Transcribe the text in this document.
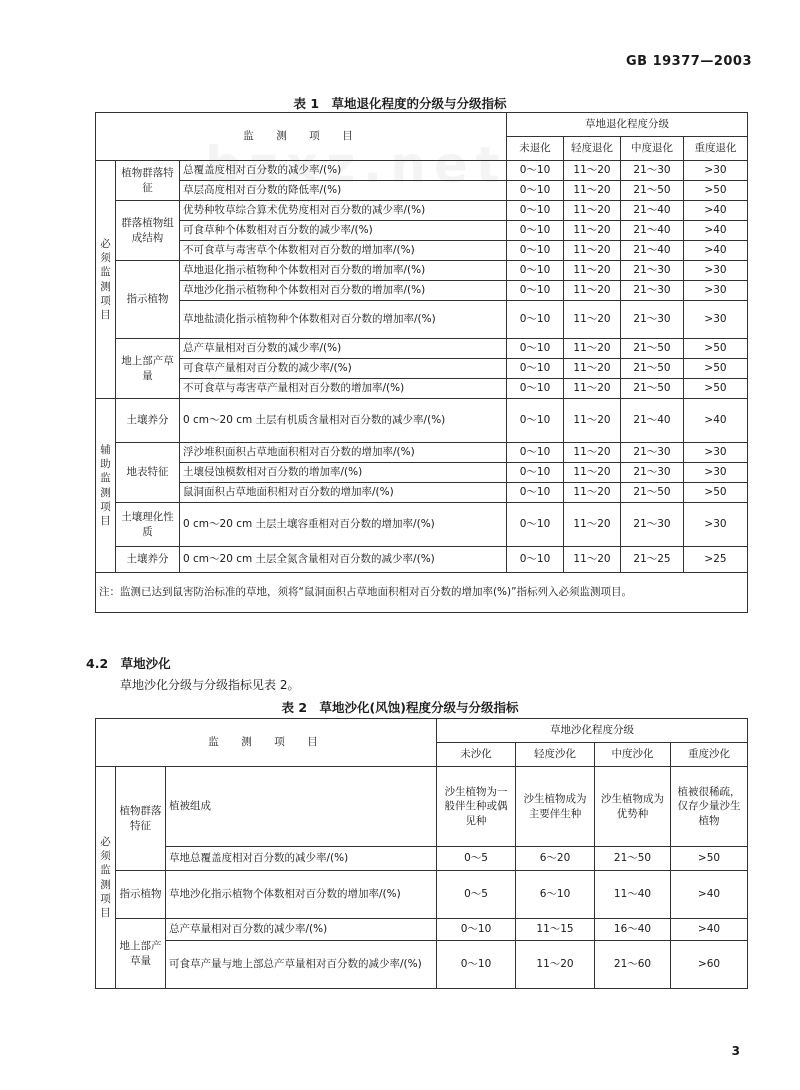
GB 19377—2003
表 1　草地退化程度的分级与分级指标
监　测　项　目			草地退化程度分级			
			未退化	轻度退化	中度退化	重度退化
必须监测项目	植物群落特征	总覆盖度相对百分数的减少率/(%)	0～10	11～20	21～30	>30
		草层高度相对百分数的降低率/(%)	0～10	11～20	21～50	>50
	群落植物组成结构	优势种牧草综合算术优势度相对百分数的减少率/(%)	0～10	11～20	21～40	>40
		可食草种个体数相对百分数的减少率/(%)	0～10	11～20	21～40	>40
		不可食草与毒害草个体数相对百分数的增加率/(%)	0～10	11～20	21～40	>40
	指示植物	草地退化指示植物种个体数相对百分数的增加率/(%)	0～10	11～20	21～30	>30
		草地沙化指示植物种个体数相对百分数的增加率/(%)	0～10	11～20	21～30	>30
		草地盐渍化指示植物种个体数相对百分数的增加率/(%)	0～10	11～20	21～30	>30
	地上部产草量	总产草量相对百分数的减少率/(%)	0～10	11～20	21～50	>50
		可食草产量相对百分数的减少率/(%)	0～10	11～20	21～50	>50
		不可食草与毒害草产量相对百分数的增加率/(%)	0～10	11～20	21～50	>50
辅助监测项目	土壤养分	0 cm～20 cm 土层有机质含量相对百分数的减少率/(%)	0～10	11～20	21～40	>40
	地表特征	浮沙堆积面积占草地面积相对百分数的增加率/(%)	0～10	11～20	21～30	>30
		土壤侵蚀模数相对百分数的增加率/(%)	0～10	11～20	21～30	>30
		鼠洞面积占草地面积相对百分数的增加率/(%)	0～10	11～20	21～50	>50
	土壤理化性质	0 cm～20 cm 土层土壤容重相对百分数的增加率/(%)	0～10	11～20	21～30	>30
	土壤养分	0 cm～20 cm 土层全氮含量相对百分数的减少率/(%)	0～10	11～20	21～25	>25
注：监测已达到鼠害防治标准的草地，须将“鼠洞面积占草地面积相对百分数的增加率(%)”指标列入必须监测项目。						
4.2　草地沙化
草地沙化分级与分级指标见表 2。
表 2　草地沙化(风蚀)程度分级与分级指标
监　测　项　目			草地沙化程度分级			
			未沙化	轻度沙化	中度沙化	重度沙化
必须监测项目	植物群落特征	植被组成	沙生植物为一般伴生种或偶见种	沙生植物成为主要伴生种	沙生植物成为优势种	植被很稀疏，仅存少量沙生植物
		草地总覆盖度相对百分数的减少率/(%)	0～5	6～20	21～50	>50
	指示植物	草地沙化指示植物个体数相对百分数的增加率/(%)	0～5	6～10	11～40	>40
	地上部产草量	总产草量相对百分数的减少率/(%)	0～10	11～15	16～40	>40
		可食草产量与地上部总产草量相对百分数的减少率/(%)	0～10	11～20	21～60	>60
3
